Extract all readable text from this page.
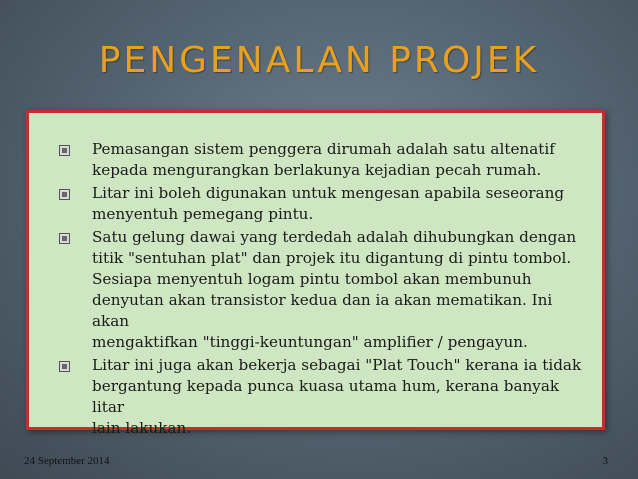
PENGENALAN PROJEK
Pemasangan sistem penggera dirumah adalah satu altenatif
kepada mengurangkan berlakunya kejadian pecah rumah.
Litar ini boleh digunakan untuk mengesan apabila seseorang
menyentuh pemegang pintu.
Satu gelung dawai yang terdedah adalah dihubungkan dengan
titik "sentuhan plat" dan projek itu digantung di pintu tombol.
Sesiapa menyentuh logam pintu tombol akan membunuh
denyutan akan transistor kedua dan ia akan mematikan. Ini akan
mengaktifkan "tinggi-keuntungan" amplifier / pengayun.
Litar ini juga akan bekerja sebagai "Plat Touch" kerana ia tidak
bergantung kepada punca kuasa utama hum, kerana banyak litar
lain lakukan.
24 September 2014	3
